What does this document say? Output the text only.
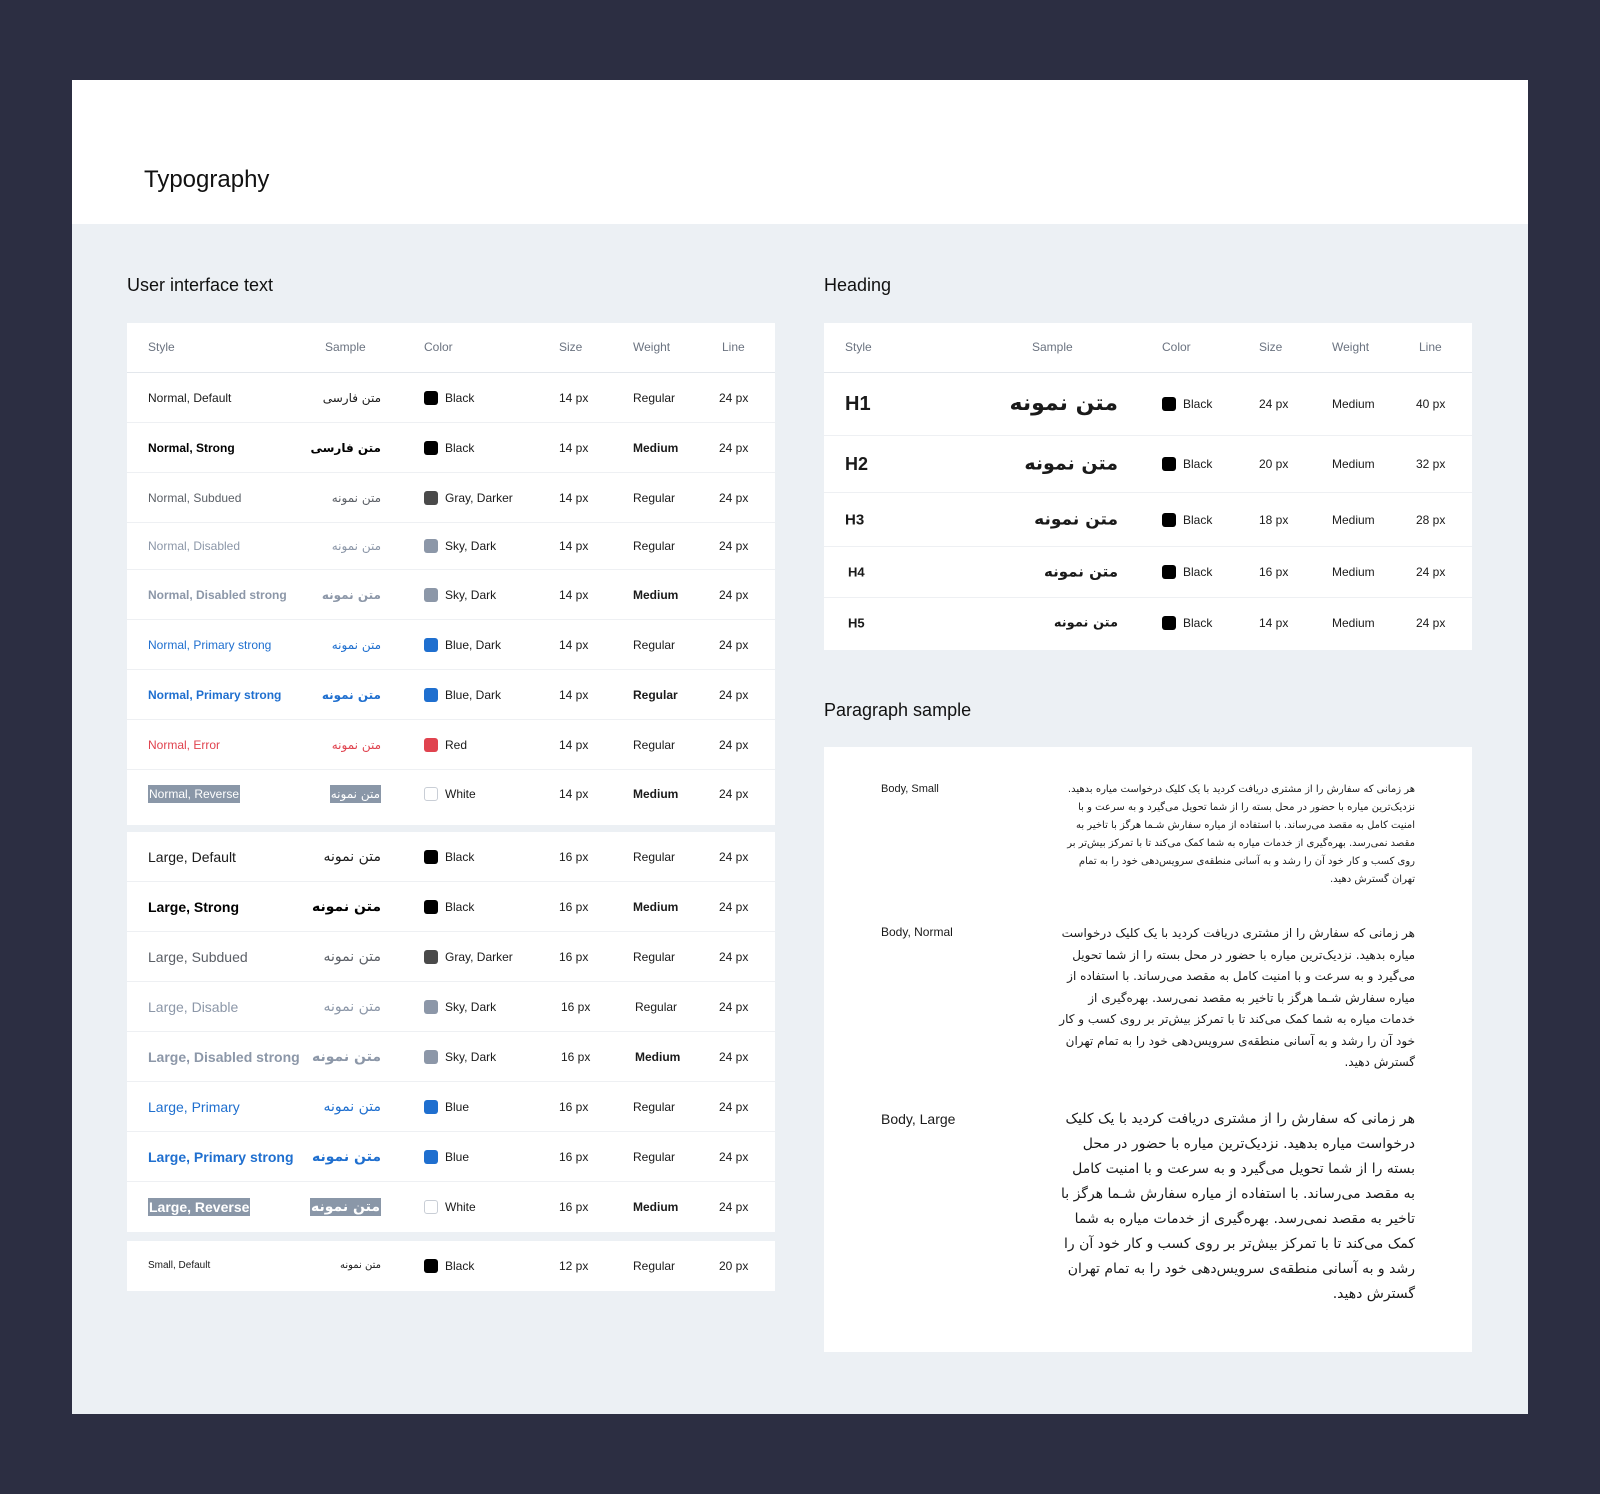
Typography
User interface text
Style	Sample	Color	Size	Weight	Line
Normal, Default	متن فارسی	Black	14 px	Regular	24 px
Normal, Strong	متن فارسی	Black	14 px	Medium	24 px
Normal, Subdued	متن نمونه	Gray, Darker	14 px	Regular	24 px
Normal, Disabled	متن نمونه	Sky, Dark	14 px	Regular	24 px
Normal, Disabled strong	متن نمونه	Sky, Dark	14 px	Medium	24 px
Normal, Primary strong	متن نمونه	Blue, Dark	14 px	Regular	24 px
Normal, Primary strong	متن نمونه	Blue, Dark	14 px	Regular	24 px
Normal, Error	متن نمونه	Red	14 px	Regular	24 px
Normal, Reverse	متن نمونه	White	14 px	Medium	24 px
Large, Default	متن نمونه	Black	16 px	Regular	24 px
Large, Strong	متن نمونه	Black	16 px	Medium	24 px
Large, Subdued	متن نمونه	Gray, Darker	16 px	Regular	24 px
Large, Disable	متن نمونه	Sky, Dark	16 px	Regular	24 px
Large, Disabled strong متن نمونه	Sky, Dark	16 px	Medium	24 px
Large, Primary	متن نمونه	Blue	16 px	Regular	24 px
Large, Primary strong متن نمونه	Blue	16 px	Regular	24 px
Large, Reverse	متن نمونه	White	16 px	Medium	24 px
Small, Default	متن نمونه	Black	12 px	Regular	20 px
Heading
Style	Sample	Color	Size	Weight	Line
H1	متن نمونه	Black	24 px	Medium	40 px
H2	متن نمونه	Black	20 px	Medium	32 px
H3	متن نمونه	Black	18 px	Medium	28 px
H4	متن نمونه	Black	16 px	Medium	24 px
H5	متن نمونه	Black	14 px	Medium	24 px
Paragraph sample
Body, Small	هر زمانی که سفارش را از مشتری دریافت کردید با یک کلیک درخواست میاره بدهید. نزدیک‌ترین میاره با حضور در محل بسته را از شما تحویل می‌گیرد و به سرعت و با امنیت کامل به مقصد می‌رساند. با استفاده از میاره سفارش شـما هرگز با تاخیر به مقصد نمی‌رسد. بهره‌گیری از خدمات میاره به شما کمک می‌کند تا با تمرکز بیش‌تر بر روی کسب و کار خود آن را رشد و به آسانی منطقه‌ی سرویس‌دهی خود را به تمام تهران گسترش دهید.
Body, Normal	هر زمانی که سفارش را از مشتری دریافت کردید با یک کلیک درخواست میاره بدهید. نزدیک‌ترین میاره با حضور در محل بسته را از شما تحویل می‌گیرد و به سرعت و با امنیت کامل به مقصد می‌رساند. با استفاده از میاره سفارش شـما هرگز با تاخیر به مقصد نمی‌رسد. بهره‌گیری از خدمات میاره به شما کمک می‌کند تا با تمرکز بیش‌تر بر روی کسب و کار خود آن را رشد و به آسانی منطقه‌ی سرویس‌دهی خود را به تمام تهران گسترش دهید.
Body, Large	هر زمانی که سفارش را از مشتری دریافت کردید با یک کلیک درخواست میاره بدهید. نزدیک‌ترین میاره با حضور در محل بسته را از شما تحویل می‌گیرد و به سرعت و با امنیت کامل به مقصد می‌رساند. با استفاده از میاره سفارش شـما هرگز با تاخیر به مقصد نمی‌رسد. بهره‌گیری از خدمات میاره به شما کمک می‌کند تا با تمرکز بیش‌تر بر روی کسب و کار خود آن را رشد و به آسانی منطقه‌ی سرویس‌دهی خود را به تمام تهران گسترش دهید.
